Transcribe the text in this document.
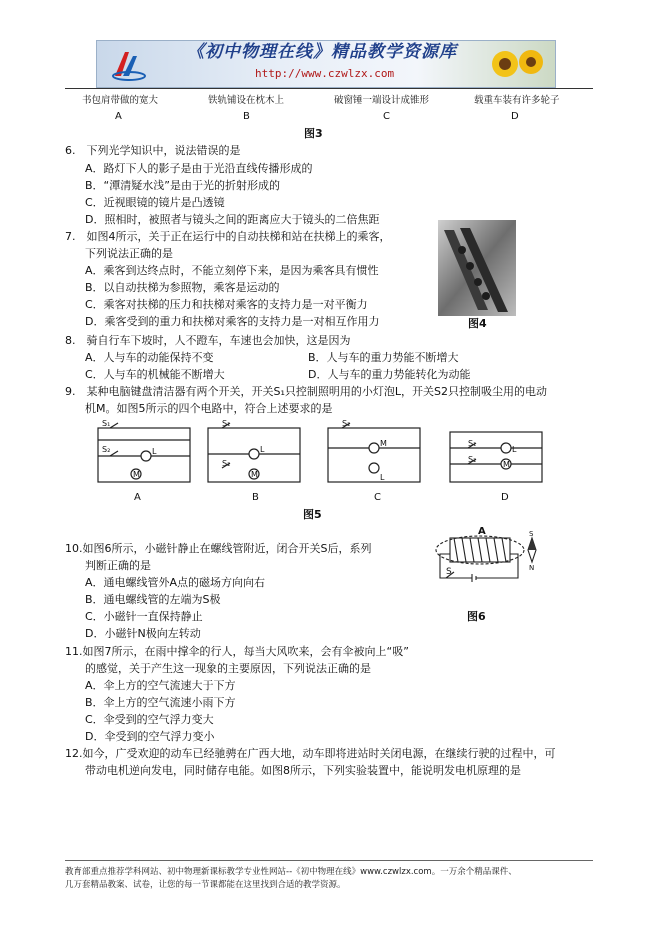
《初中物理在线》精品教学资源库
http://www.czwlzx.com
书包肩带做的宽大	铁轨铺设在枕木上	破窗锤一端设计成锥形	载重车装有许多轮子
A	B	C	D
图3
6.　下列光学知识中，说法错误的是
A．路灯下人的影子是由于光沿直线传播形成的
B．“潭清疑水浅”是由于光的折射形成的
C．近视眼镜的镜片是凸透镜
D．照相时，被照者与镜头之间的距离应大于镜头的二倍焦距
7.　如图4所示，关于正在运行中的自动扶梯和站在扶梯上的乘客，
下列说法正确的是
A．乘客到达终点时，不能立刻停下来，是因为乘客具有惯性
B．以自动扶梯为参照物，乘客是运动的
C．乘客对扶梯的压力和扶梯对乘客的支持力是一对平衡力
D．乘客受到的重力和扶梯对乘客的支持力是一对相互作用力	图4
8.　骑自行车下坡时，人不蹬车，车速也会加快，这是因为
A．人与车的动能保持不变	B．人与车的重力势能不断增大
C．人与车的机械能不断增大	D．人与车的重力势能转化为动能
9.　某种电脑键盘清洁器有两个开关，开关S₁只控制照明用的小灯泡L，开关S2只控制吸尘用的电动
机M。如图5所示的四个电路中，符合上述要求的是
S₁
S₂	L
M
S₁
S₂
L
M
S₂
M
L
S₁
S₂
L
M
A	B	C	D
图5
10.如图6所示，小磁针静止在螺线管附近，闭合开关S后，系列
判断正确的是
A．通电螺线管外A点的磁场方向向右
B．通电螺线管的左端为S极
C．小磁针一直保持静止
D．小磁针N极向左转动
A
S
S
N
图6
11.如图7所示，在雨中撑伞的行人，每当大风吹来，会有伞被向上“吸”
的感觉，关于产生这一现象的主要原因，下列说法正确的是
A．伞上方的空气流速大于下方
B．伞上方的空气流速小雨下方
C．伞受到的空气浮力变大
D．伞受到的空气浮力变小
12.如今，广受欢迎的动车已经驰骋在广西大地，动车即将进站时关闭电源，在继续行驶的过程中，可
带动电机逆向发电，同时储存电能。如图8所示，下列实验装置中，能说明发电机原理的是
教育部重点推荐学科网站、初中物理新课标教学专业性网站--《初中物理在线》www.czwlzx.com。一万余个精品课件、
几万套精品教案、试卷，让您的每一节课都能在这里找到合适的教学资源。
